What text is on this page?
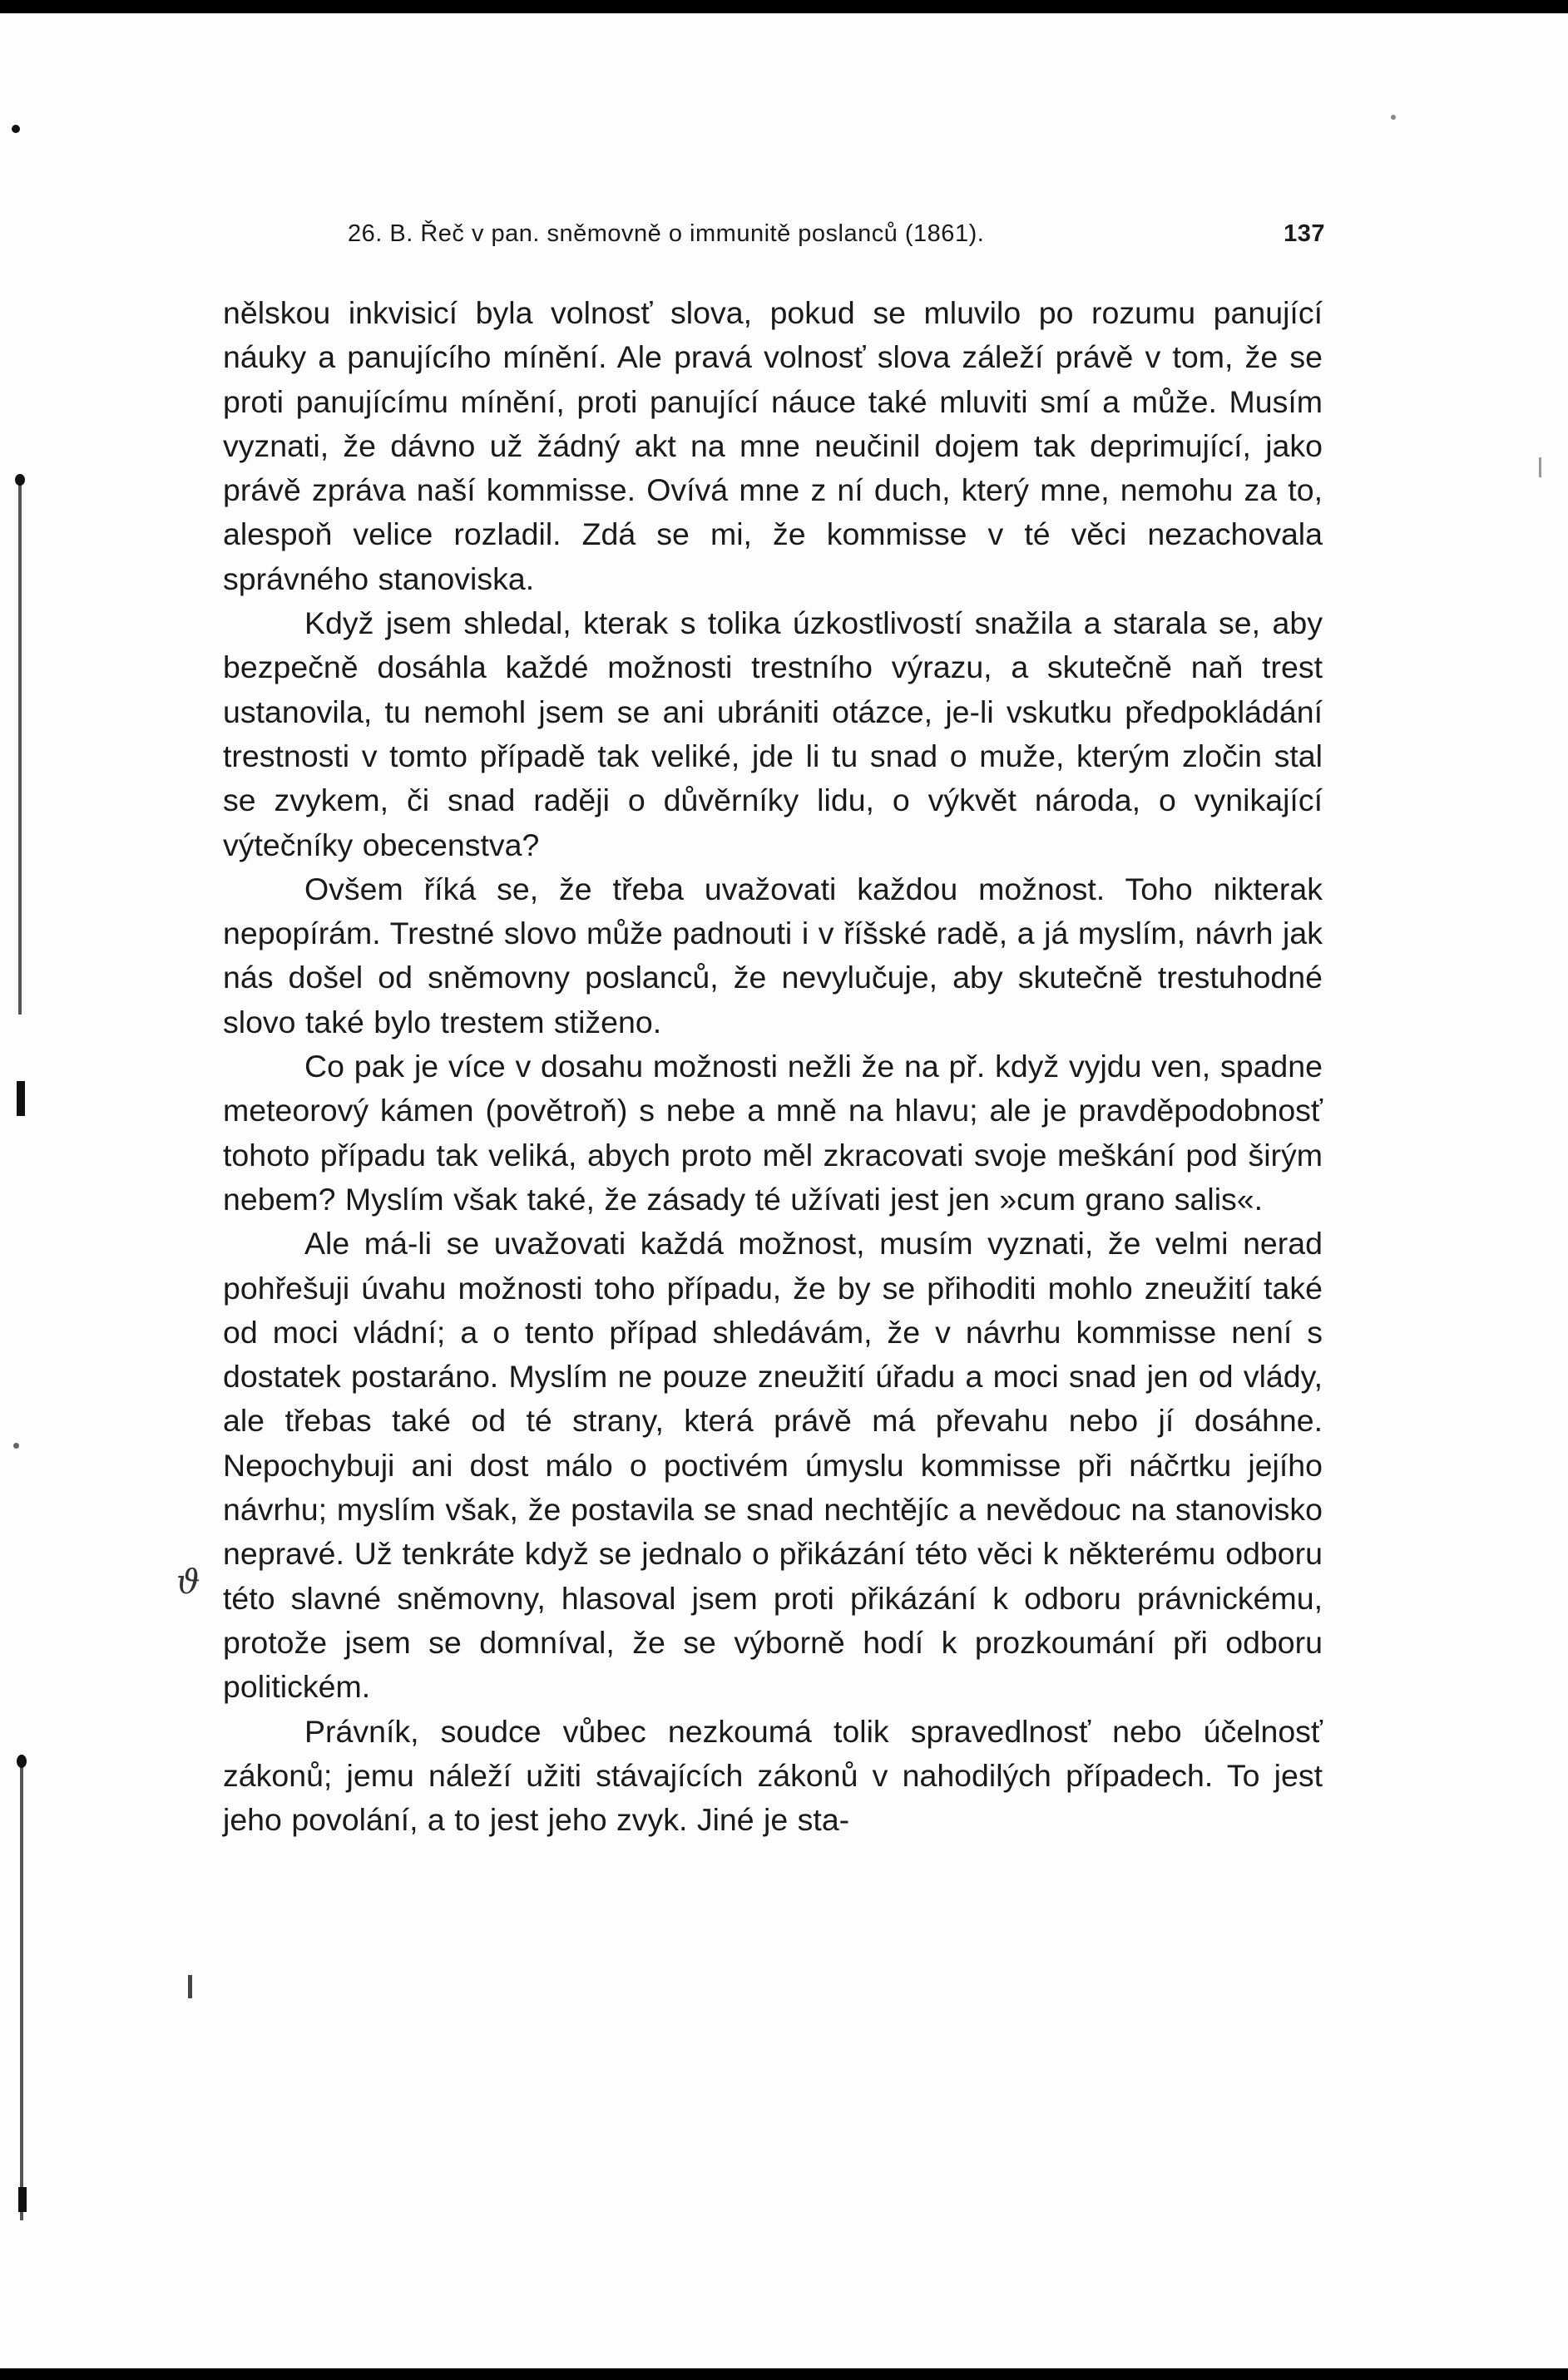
26. B. Řeč v pan. sněmovně o immunitě poslanců (1861).	137

nělskou inkvisicí byla volnosť slova, pokud se mluvilo po rozumu panující náuky a panujícího mínění. Ale pravá volnosť slova záleží právě v tom, že se proti panujícímu mínění, proti panující náuce také mluviti smí a může. Musím vyznati, že dávno už žádný akt na mne neučinil dojem tak deprimující, jako právě zpráva naší kommisse. Ovívá mne z ní duch, který mne, nemohu za to, alespoň velice rozladil. Zdá se mi, že kommisse v té věci nezachovala správného stanoviska.

Když jsem shledal, kterak s tolika úzkostlivostí snažila a starala se, aby bezpečně dosáhla každé možnosti trestního výrazu, a skutečně naň trest ustanovila, tu nemohl jsem se ani ubrániti otázce, je-li vskutku předpokládání trestnosti v tomto případě tak veliké, jde li tu snad o muže, kterým zločin stal se zvykem, či snad raději o důvěrníky lidu, o výkvět národa, o vynikající výtečníky obecenstva?

Ovšem říká se, že třeba uvažovati každou možnost. Toho nikterak nepopírám. Trestné slovo může padnouti i v říšské radě, a já myslím, návrh jak nás došel od sněmovny poslanců, že nevylučuje, aby skutečně trestuhodné slovo také bylo trestem stiženo.

Co pak je více v dosahu možnosti nežli že na př. když vyjdu ven, spadne meteorový kámen (povětroň) s nebe a mně na hlavu; ale je pravděpodobnosť tohoto případu tak veliká, abych proto měl zkracovati svoje meškání pod širým nebem? Myslím však také, že zásady té užívati jest jen »cum grano salis«.

Ale má-li se uvažovati každá možnost, musím vyznati, že velmi nerad pohřešuji úvahu možnosti toho případu, že by se přihoditi mohlo zneužití také od moci vládní; a o tento případ shledávám, že v návrhu kommisse není s dostatek postaráno. Myslím ne pouze zneužití úřadu a moci snad jen od vlády, ale třebas také od té strany, která právě má převahu nebo jí dosáhne. Nepochybuji ani dost málo o poctivém úmyslu kommisse při náčrtku jejího návrhu; myslím však, že postavila se snad nechtějíc a nevědouc na stanovisko nepravé. Už tenkráte když se jednalo o přikázání této věci k některému odboru této slavné sněmovny, hlasoval jsem proti přikázání k odboru právnickému, protože jsem se domníval, že se výborně hodí k prozkoumání při odboru politickém.

Právník, soudce vůbec nezkoumá tolik spravedlnosť nebo účelnosť zákonů; jemu náleží užiti stávajících zákonů v nahodilých případech. To jest jeho povolání, a to jest jeho zvyk. Jiné je sta-

ϑ
